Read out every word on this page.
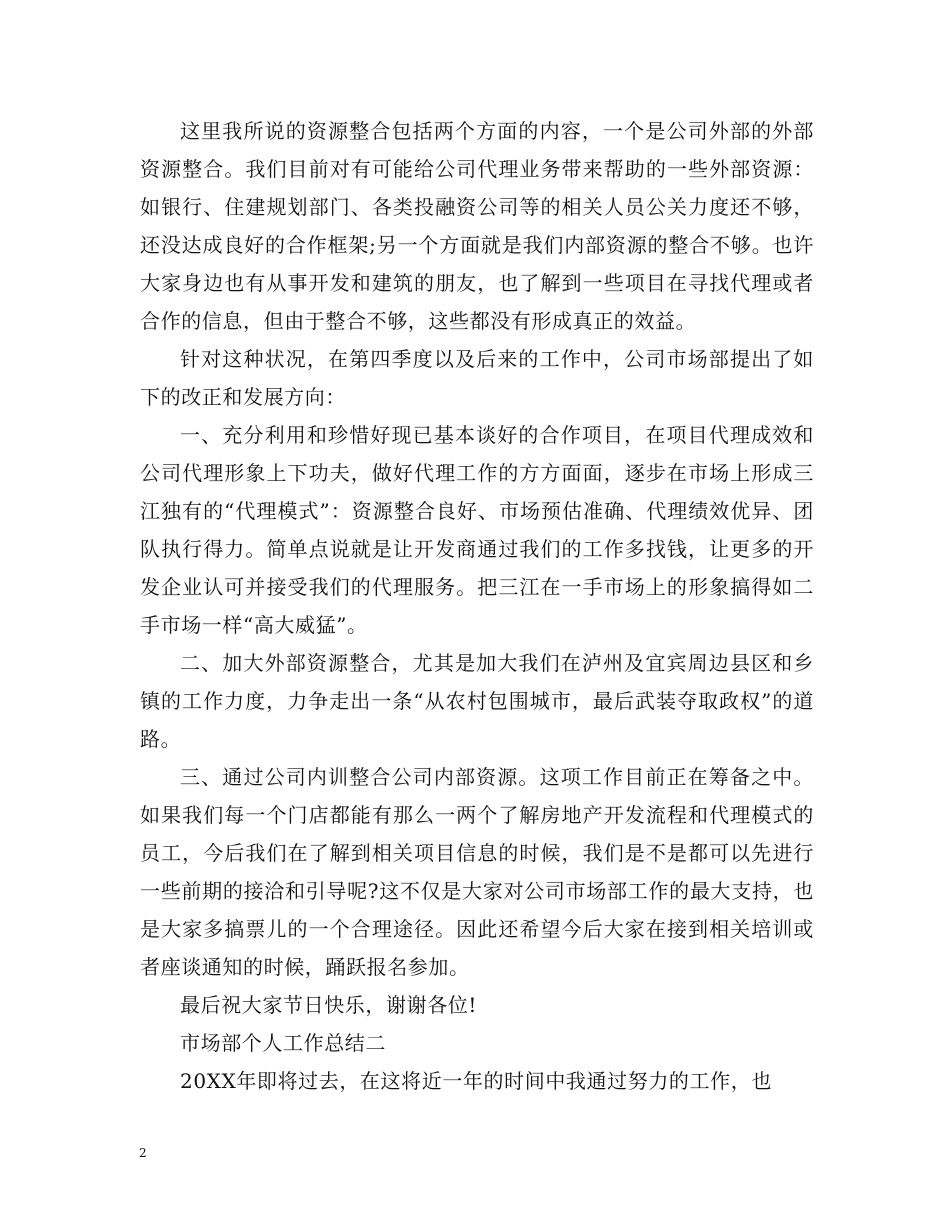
这里我所说的资源整合包括两个方面的内容，一个是公司外部的外部资源整合。我们目前对有可能给公司代理业务带来帮助的一些外部资源：如银行、住建规划部门、各类投融资公司等的相关人员公关力度还不够，还没达成良好的合作框架;另一个方面就是我们内部资源的整合不够。也许大家身边也有从事开发和建筑的朋友，也了解到一些项目在寻找代理或者合作的信息，但由于整合不够，这些都没有形成真正的效益。

针对这种状况，在第四季度以及后来的工作中，公司市场部提出了如下的改正和发展方向：

一、充分利用和珍惜好现已基本谈好的合作项目，在项目代理成效和公司代理形象上下功夫，做好代理工作的方方面面，逐步在市场上形成三江独有的“代理模式”：资源整合良好、市场预估准确、代理绩效优异、团队执行得力。简单点说就是让开发商通过我们的工作多找钱，让更多的开发企业认可并接受我们的代理服务。把三江在一手市场上的形象搞得如二手市场一样“高大威猛”。

二、加大外部资源整合，尤其是加大我们在泸州及宜宾周边县区和乡镇的工作力度，力争走出一条“从农村包围城市，最后武装夺取政权”的道路。

三、通过公司内训整合公司内部资源。这项工作目前正在筹备之中。如果我们每一个门店都能有那么一两个了解房地产开发流程和代理模式的员工，今后我们在了解到相关项目信息的时候，我们是不是都可以先进行一些前期的接洽和引导呢?这不仅是大家对公司市场部工作的最大支持，也是大家多搞票儿的一个合理途径。因此还希望今后大家在接到相关培训或者座谈通知的时候，踊跃报名参加。

最后祝大家节日快乐，谢谢各位!

市场部个人工作总结二

20XX年即将过去，在这将近一年的时间中我通过努力的工作，也

2
